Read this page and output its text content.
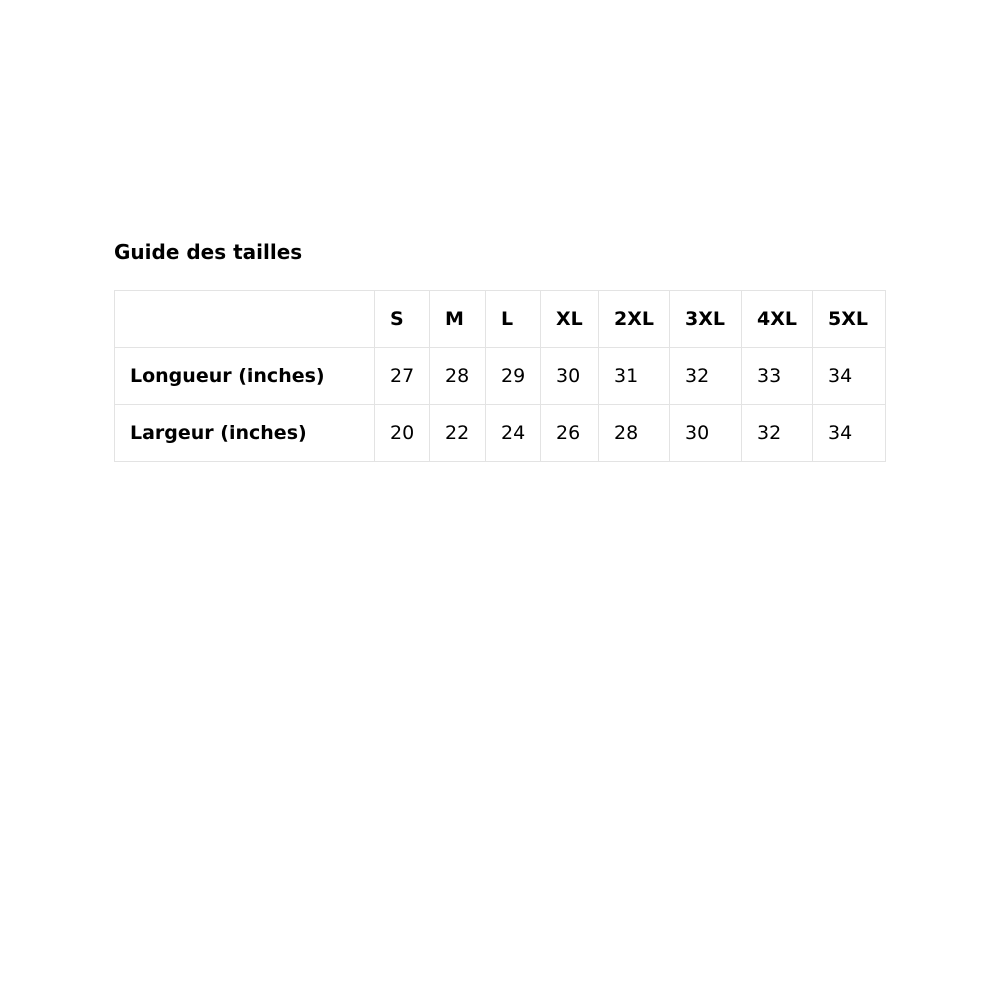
Guide des tailles
	S	M	L	XL	2XL	3XL	4XL	5XL
Longueur (inches)	27	28	29	30	31	32	33	34
Largeur (inches)	20	22	24	26	28	30	32	34
